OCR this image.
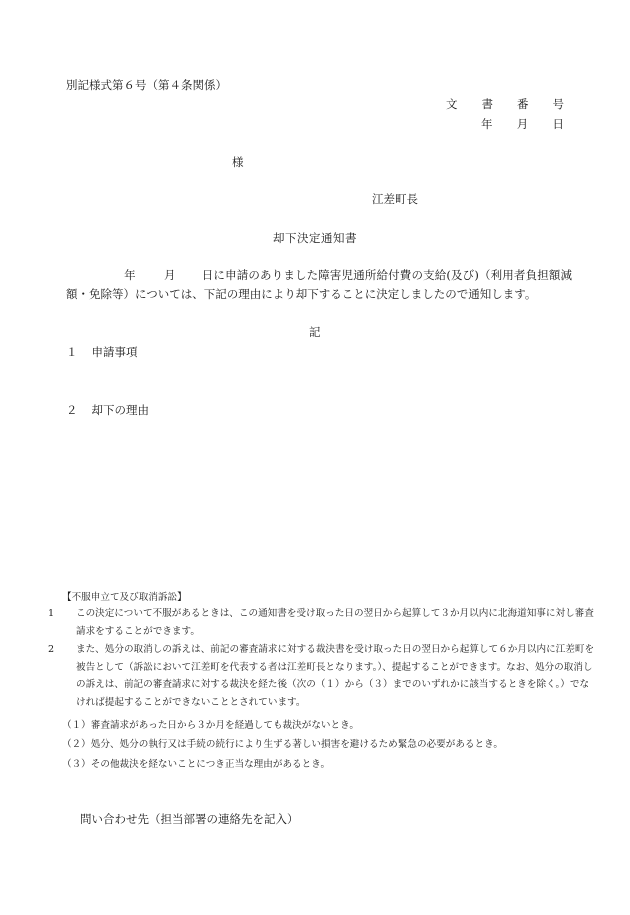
別記様式第６号（第４条関係）
文 書 番 号
年 月 日
様
江差町長
却下決定通知書
年 月 日に申請のありました障害児通所給付費の支給(及び)（利用者負担額減額・免除等）については、下記の理由により却下することに決定しましたので通知します。
記
１ 申請事項
２ 却下の理由
【不服申立て及び取消訴訟】
1 この決定について不服があるときは、この通知書を受け取った日の翌日から起算して３か月以内に北海道知事に対し審査請求をすることができます。
2 また、処分の取消しの訴えは、前記の審査請求に対する裁決書を受け取った日の翌日から起算して６か月以内に江差町を被告として（訴訟において江差町を代表する者は江差町長となります。）、提起することができます。なお、処分の取消しの訴えは、前記の審査請求に対する裁決を経た後（次の（１）から（３）までのいずれかに該当するときを除く。）でなければ提起することができないこととされています。
（１）審査請求があった日から３か月を経過しても裁決がないとき。
（２）処分、処分の執行又は手続の続行により生ずる著しい損害を避けるため緊急の必要があるとき。
（３）その他裁決を経ないことにつき正当な理由があるとき。
問い合わせ先（担当部署の連絡先を記入）
